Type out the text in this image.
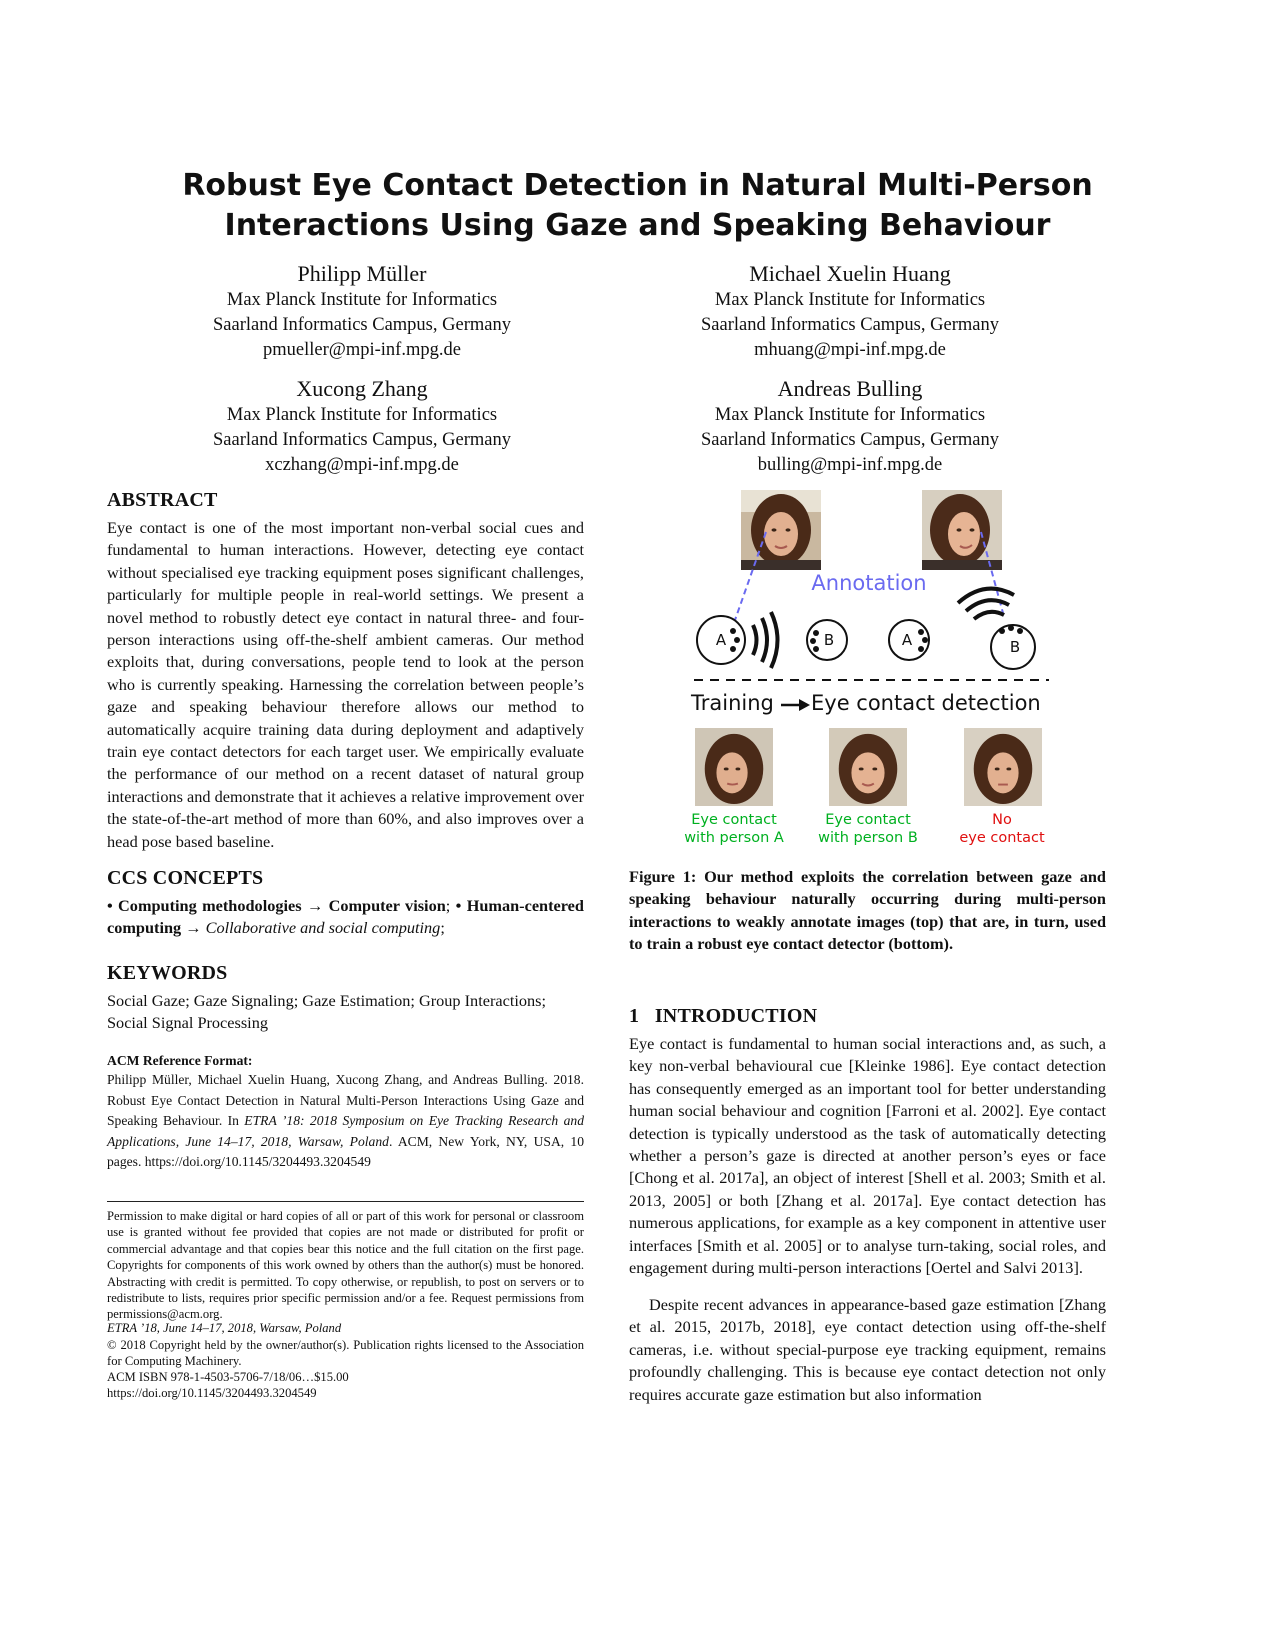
Robust Eye Contact Detection in Natural Multi-Person
Interactions Using Gaze and Speaking Behaviour
Philipp Müller
Max Planck Institute for Informatics
Saarland Informatics Campus, Germany
pmueller@mpi-inf.mpg.de
Michael Xuelin Huang
Max Planck Institute for Informatics
Saarland Informatics Campus, Germany
mhuang@mpi-inf.mpg.de
Xucong Zhang
Max Planck Institute for Informatics
Saarland Informatics Campus, Germany
xczhang@mpi-inf.mpg.de
Andreas Bulling
Max Planck Institute for Informatics
Saarland Informatics Campus, Germany
bulling@mpi-inf.mpg.de
ABSTRACT
Eye contact is one of the most important non-verbal social cues and fundamental to human interactions. However, detecting eye contact without specialised eye tracking equipment poses significant challenges, particularly for multiple people in real-world settings. We present a novel method to robustly detect eye contact in natural three- and four-person interactions using off-the-shelf ambient cameras. Our method exploits that, during conversations, people tend to look at the person who is currently speaking. Harnessing the correlation between people’s gaze and speaking behaviour therefore allows our method to automatically acquire training data during deployment and adaptively train eye contact detectors for each target user. We empirically evaluate the performance of our method on a recent dataset of natural group interactions and demonstrate that it achieves a relative improvement over the state-of-the-art method of more than 60%, and also improves over a head pose based baseline.
CCS CONCEPTS
• Computing methodologies → Computer vision; • Human-centered computing → Collaborative and social computing;
KEYWORDS
Social Gaze; Gaze Signaling; Gaze Estimation; Group Interactions; Social Signal Processing
ACM Reference Format:
Philipp Müller, Michael Xuelin Huang, Xucong Zhang, and Andreas Bulling. 2018. Robust Eye Contact Detection in Natural Multi-Person Interactions Using Gaze and Speaking Behaviour. In ETRA ’18: 2018 Symposium on Eye Tracking Research and Applications, June 14–17, 2018, Warsaw, Poland. ACM, New York, NY, USA, 10 pages. https://doi.org/10.1145/3204493.3204549
Permission to make digital or hard copies of all or part of this work for personal or classroom use is granted without fee provided that copies are not made or distributed for profit or commercial advantage and that copies bear this notice and the full citation on the first page. Copyrights for components of this work owned by others than the author(s) must be honored. Abstracting with credit is permitted. To copy otherwise, or republish, to post on servers or to redistribute to lists, requires prior specific permission and/or a fee. Request permissions from permissions@acm.org.
ETRA ’18, June 14–17, 2018, Warsaw, Poland
© 2018 Copyright held by the owner/author(s). Publication rights licensed to the Association for Computing Machinery.
ACM ISBN 978-1-4503-5706-7/18/06…$15.00
https://doi.org/10.1145/3204493.3204549
Annotation
A	B	A	B
Training Eye contact detection
Eye contact
with person A
Eye contact
with person B
No
eye contact
Figure 1: Our method exploits the correlation between gaze and speaking behaviour naturally occurring during multi-person interactions to weakly annotate images (top) that are, in turn, used to train a robust eye contact detector (bottom).
1 INTRODUCTION
Eye contact is fundamental to human social interactions and, as such, a key non-verbal behavioural cue [Kleinke 1986]. Eye contact detection has consequently emerged as an important tool for better understanding human social behaviour and cognition [Farroni et al. 2002]. Eye contact detection is typically understood as the task of automatically detecting whether a person’s gaze is directed at another person’s eyes or face [Chong et al. 2017a], an object of interest [Shell et al. 2003; Smith et al. 2013, 2005] or both [Zhang et al. 2017a]. Eye contact detection has numerous applications, for example as a key component in attentive user interfaces [Smith et al. 2005] or to analyse turn-taking, social roles, and engagement during multi-person interactions [Oertel and Salvi 2013].
Despite recent advances in appearance-based gaze estimation [Zhang et al. 2015, 2017b, 2018], eye contact detection using off-the-shelf cameras, i.e. without special-purpose eye tracking equipment, remains profoundly challenging. This is because eye contact detection not only requires accurate gaze estimation but also information
